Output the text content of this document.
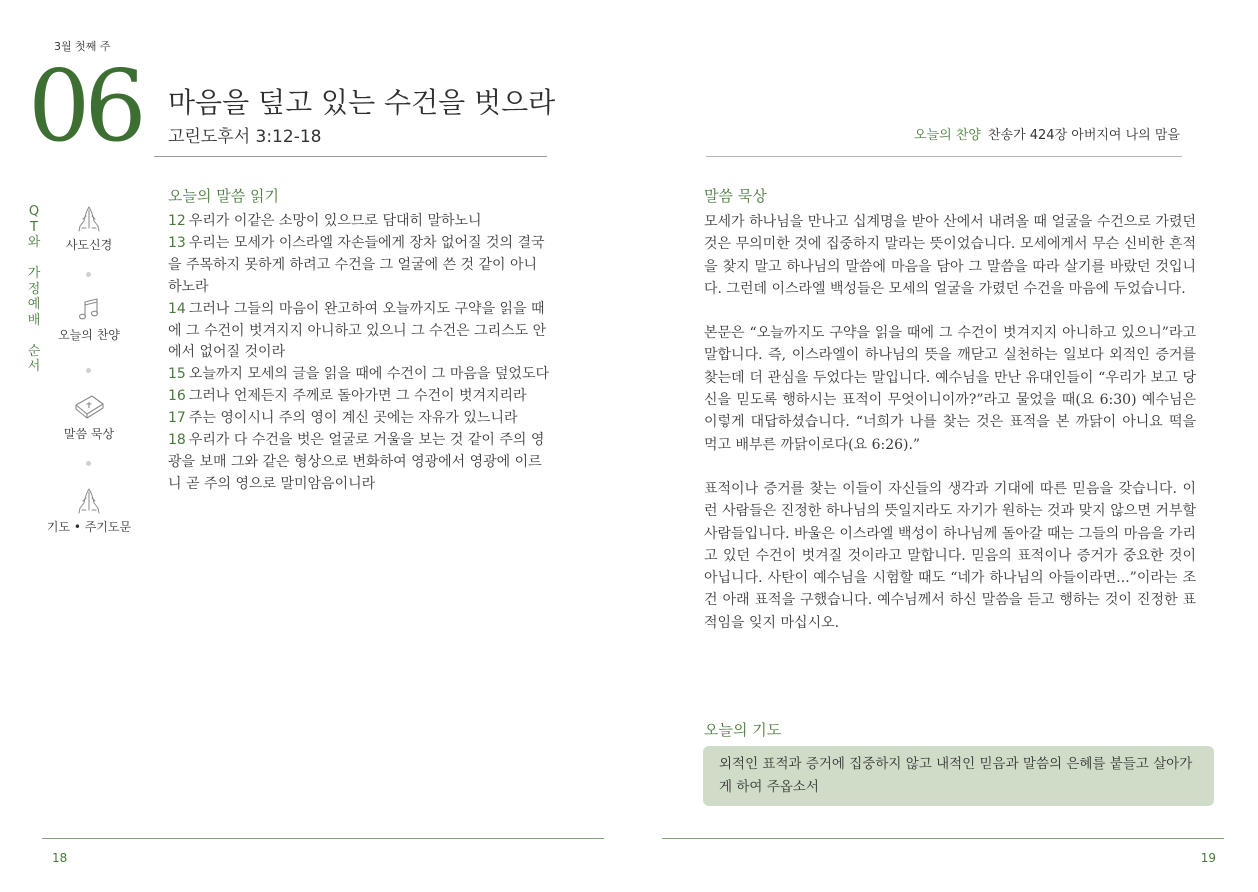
3월 첫째 주
06 마음을 덮고 있는 수건을 벗으라
고린도후서 3:12-18
Q
T
와
가
정
예
배
순
서
사도신경
오늘의 찬양
말씀 묵상
기도 • 주기도문
오늘의 말씀 읽기
12 우리가 이같은 소망이 있으므로 담대히 말하노니
13 우리는 모세가 이스라엘 자손들에게 장차 없어질 것의 결국을 주목하지 못하게 하려고 수건을 그 얼굴에 쓴 것 같이 아니하노라
14 그러나 그들의 마음이 완고하여 오늘까지도 구약을 읽을 때에 그 수건이 벗겨지지 아니하고 있으니 그 수건은 그리스도 안에서 없어질 것이라
15 오늘까지 모세의 글을 읽을 때에 수건이 그 마음을 덮었도다
16 그러나 언제든지 주께로 돌아가면 그 수건이 벗겨지리라
17 주는 영이시니 주의 영이 계신 곳에는 자유가 있느니라
18 우리가 다 수건을 벗은 얼굴로 거울을 보는 것 같이 주의 영광을 보매 그와 같은 형상으로 변화하여 영광에서 영광에 이르니 곧 주의 영으로 말미암음이니라
오늘의 찬양 찬송가 424장 아버지여 나의 맘을
말씀 묵상

모세가 하나님을 만나고 십계명을 받아 산에서 내려올 때 얼굴을 수건으로 가렸던 것은 무의미한 것에 집중하지 말라는 뜻이었습니다. 모세에게서 무슨 신비한 흔적을 찾지 말고 하나님의 말씀에 마음을 담아 그 말씀을 따라 살기를 바랐던 것입니다. 그런데 이스라엘 백성들은 모세의 얼굴을 가렸던 수건을 마음에 두었습니다.

본문은 “오늘까지도 구약을 읽을 때에 그 수건이 벗겨지지 아니하고 있으니”라고 말합니다. 즉, 이스라엘이 하나님의 뜻을 깨닫고 실천하는 일보다 외적인 증거를 찾는데 더 관심을 두었다는 말입니다. 예수님을 만난 유대인들이 “우리가 보고 당신을 믿도록 행하시는 표적이 무엇이니이까?”라고 물었을 때(요 6:30) 예수님은 이렇게 대답하셨습니다. “너희가 나를 찾는 것은 표적을 본 까닭이 아니요 떡을 먹고 배부른 까닭이로다(요 6:26).”

표적이나 증거를 찾는 이들이 자신들의 생각과 기대에 따른 믿음을 갖습니다. 이런 사람들은 진정한 하나님의 뜻일지라도 자기가 원하는 것과 맞지 않으면 거부할 사람들입니다. 바울은 이스라엘 백성이 하나님께 돌아갈 때는 그들의 마음을 가리고 있던 수건이 벗겨질 것이라고 말합니다. 믿음의 표적이나 증거가 중요한 것이 아닙니다. 사탄이 예수님을 시험할 때도 “네가 하나님의 아들이라면...”이라는 조건 아래 표적을 구했습니다. 예수님께서 하신 말씀을 듣고 행하는 것이 진정한 표적임을 잊지 마십시오.

오늘의 기도
외적인 표적과 증거에 집중하지 않고 내적인 믿음과 말씀의 은혜를 붙들고 살아가게 하여 주옵소서
18	19
